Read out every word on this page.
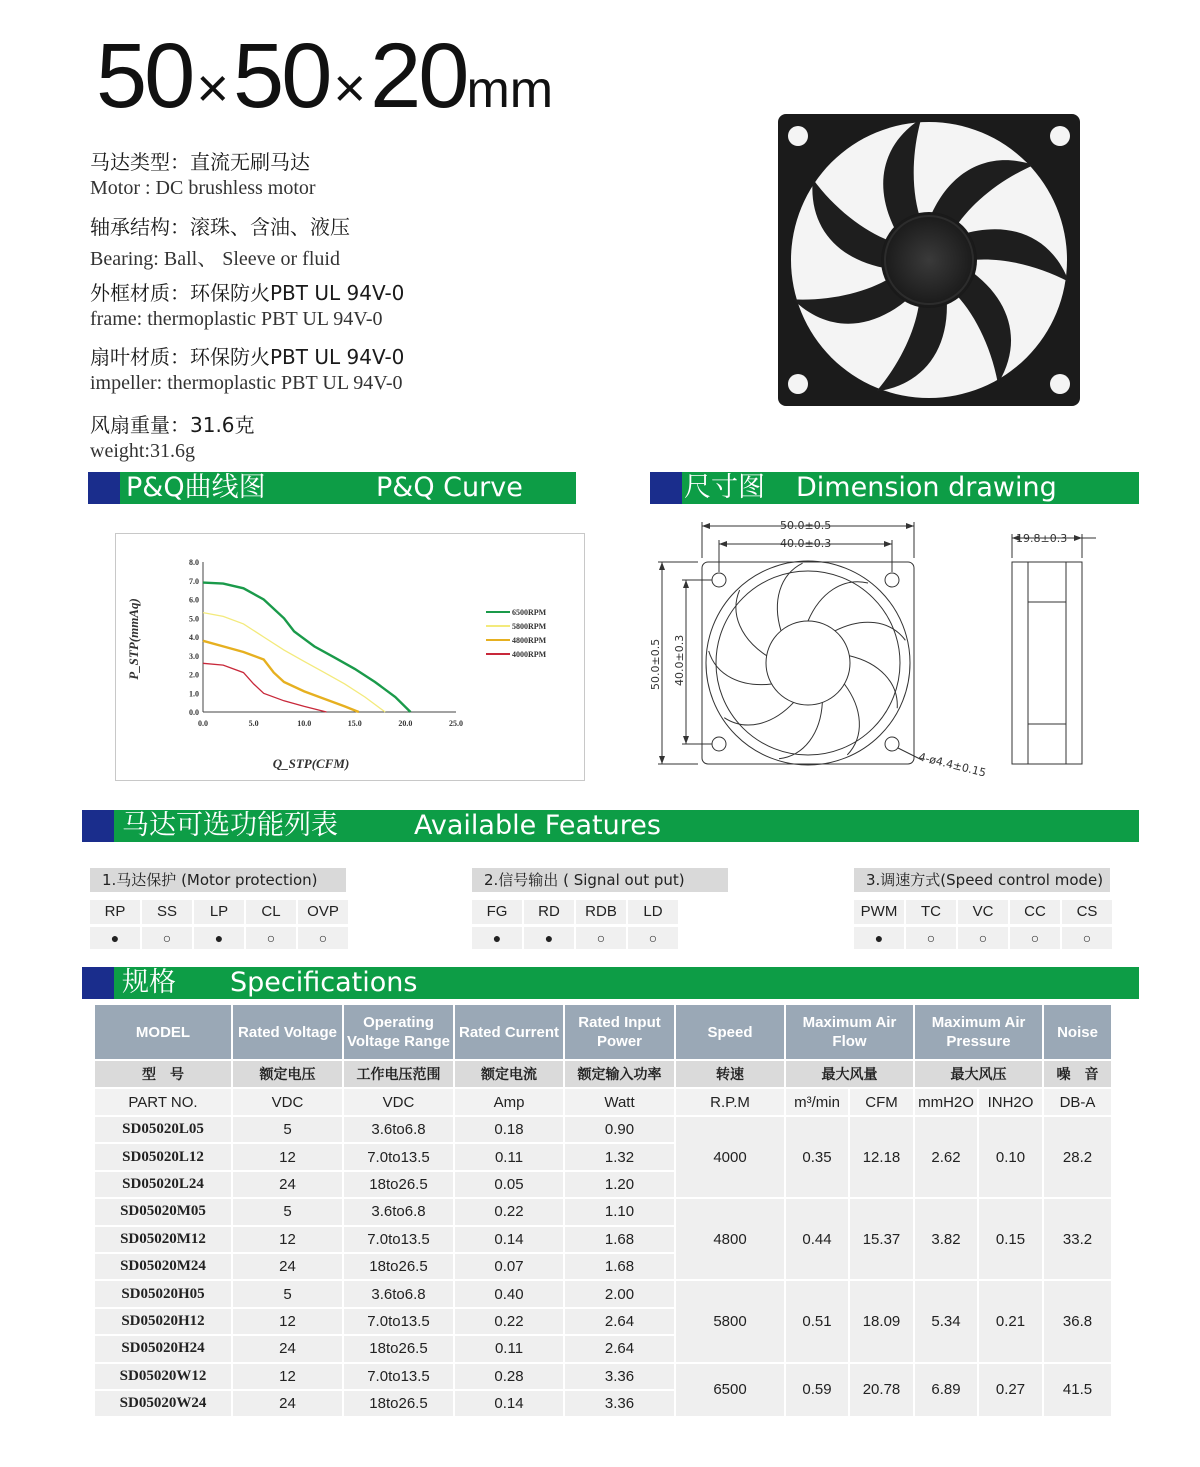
50×50×20mm
马达类型：直流无刷马达
Motor : DC brushless motor
轴承结构：滚珠、含油、液压
Bearing: Ball、 Sleeve or fluid
外框材质：环保防火PBT UL 94V-0
frame: thermoplastic PBT UL 94V-0
扇叶材质：环保防火PBT UL 94V-0
impeller: thermoplastic PBT UL 94V-0
风扇重量：31.6克
weight:31.6g
P&Q曲线图	P&Q Curve	尺寸图 Dimension drawing
0.0
1.0
2.0
3.0
4.0
5.0
6.0
7.0
8.0
0.0	5.0	10.0	15.0	20.0	25.0
Q_STP(CFM)
P_STP(mmAq)	6500RPM
5800RPM
4800RPM
4000RPM
50.0±0.5
40.0±0.3	19.8±0.3
50.0±0.5 40.0±0.3
4-ø4.4±0.15
马达可选功能列表	Available Features
1.马达保护 (Motor protection)
RP	SS	LP	CL	OVP
●	○	●	○	○
2.信号输出 ( Signal out put)
FG	RD	RDB	LD
●	●	○	○
3.调速方式(Speed control mode)
PWM	TC	VC	CC	CS
●	○	○	○	○
规格 Specifications
MODEL	Rated Voltage	Operating Voltage Range	Rated Current	Rated Input Power	Speed	Maximum Air Flow		Maximum Air Pressure		Noise
型　号	额定电压	工作电压范围	额定电流	额定输入功率	转速	最大风量		最大风压		噪　音
PART NO.	VDC	VDC	Amp	Watt	R.P.M	m³/min	CFM	mmH2O	INH2O	DB-A
SD05020L05	5	3.6to6.8	0.18	0.90	4000	0.35	12.18	2.62	0.10	28.2
SD05020L12	12	7.0to13.5	0.11	1.32						
SD05020L24	24	18to26.5	0.05	1.20						
SD05020M05	5	3.6to6.8	0.22	1.10	4800	0.44	15.37	3.82	0.15	33.2
SD05020M12	12	7.0to13.5	0.14	1.68						
SD05020M24	24	18to26.5	0.07	1.68						
SD05020H05	5	3.6to6.8	0.40	2.00	5800	0.51	18.09	5.34	0.21	36.8
SD05020H12	12	7.0to13.5	0.22	2.64						
SD05020H24	24	18to26.5	0.11	2.64						
SD05020W12	12	7.0to13.5	0.28	3.36	6500	0.59	20.78	6.89	0.27	41.5
SD05020W24	24	18to26.5	0.14	3.36						
